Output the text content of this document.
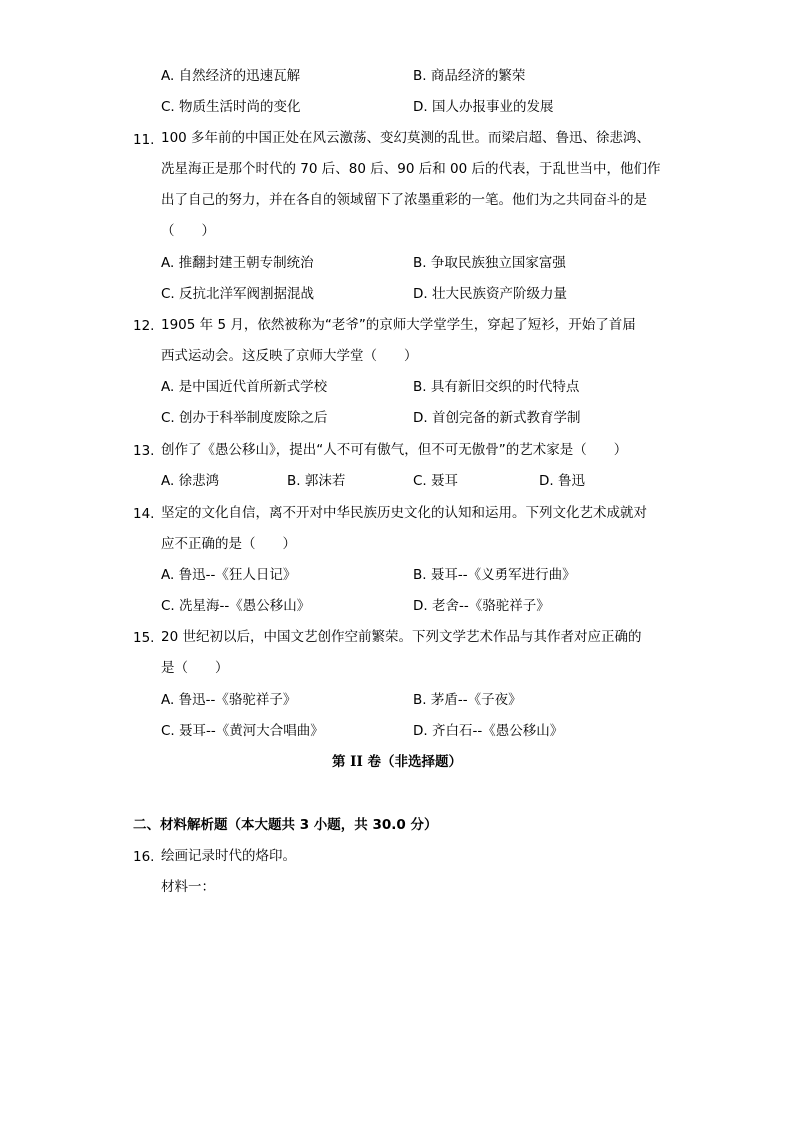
A. 自然经济的迅速瓦解	B. 商品经济的繁荣
C. 物质生活时尚的变化	D. 国人办报事业的发展
11. 100 多年前的中国正处在风云激荡、变幻莫测的乱世。而梁启超、鲁迅、徐悲鸿、
冼星海正是那个时代的 70 后、80 后、90 后和 00 后的代表，于乱世当中，他们作
出了自己的努力，并在各自的领域留下了浓墨重彩的一笔。他们为之共同奋斗的是
（　　）
A. 推翻封建王朝专制统治	B. 争取民族独立国家富强
C. 反抗北洋军阀割据混战	D. 壮大民族资产阶级力量
12. 1905 年 5 月，依然被称为“老爷”的京师大学堂学生，穿起了短衫，开始了首届
西式运动会。这反映了京师大学堂（　　）
A. 是中国近代首所新式学校	B. 具有新旧交织的时代特点
C. 创办于科举制度废除之后	D. 首创完备的新式教育学制
13. 创作了《愚公移山》，提出“人不可有傲气，但不可无傲骨”的艺术家是（　　）
A. 徐悲鸿	B. 郭沫若	C. 聂耳	D. 鲁迅
14. 坚定的文化自信，离不开对中华民族历史文化的认知和运用。下列文化艺术成就对
应不正确的是（　　）
A. 鲁迅--《狂人日记》	B. 聂耳--《义勇军进行曲》
C. 冼星海--《愚公移山》	D. 老舍--《骆驼祥子》
15. 20 世纪初以后，中国文艺创作空前繁荣。下列文学艺术作品与其作者对应正确的
是（　　）
A. 鲁迅--《骆驼祥子》	B. 茅盾--《子夜》
C. 聂耳--《黄河大合唱曲》	D. 齐白石--《愚公移山》
第 II 卷（非选择题）
二、材料解析题（本大题共 3 小题，共 30.0 分）
16. 绘画记录时代的烙印。
材料一：
